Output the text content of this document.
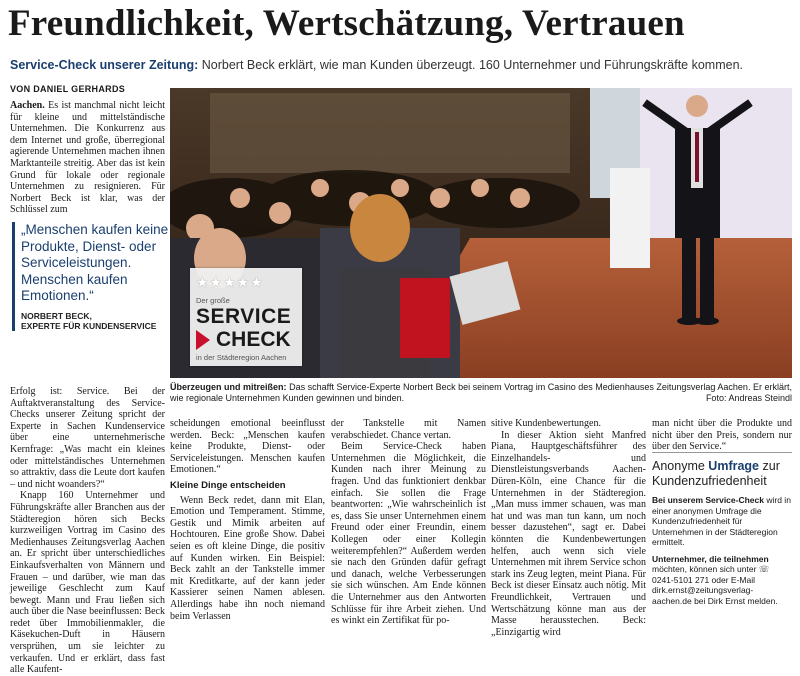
Freundlichkeit, Wertschätzung, Vertrauen
Service-Check unserer Zeitung: Norbert Beck erklärt, wie man Kunden überzeugt. 160 Unternehmer und Führungskräfte kommen.
VON DANIEL GERHARDS

Aachen. Es ist manchmal nicht leicht für kleine und mittelständische Unternehmen. Die Konkurrenz aus dem Internet und große, überregional agierende Unternehmen machen ihnen Marktanteile streitig. Aber das ist kein Grund für lokale oder regionale Unternehmen zu resignieren. Für Norbert Beck ist klar, was der Schlüssel zum

„Menschen kaufen keine Produkte, Dienst- oder Serviceleistungen. Menschen kaufen Emotionen.“
NORBERT BECK,
EXPERTE FÜR KUNDENSERVICE

Erfolg ist: Service. Bei der Auftaktveranstaltung des Service-Checks unserer Zeitung spricht der Experte in Sachen Kundenservice über eine unternehmerische Kernfrage: „Was macht ein kleines oder mittelständisches Unternehmen so attraktiv, dass die Leute dort kaufen – und nicht woanders?“

Knapp 160 Unternehmer und Führungskräfte aller Branchen aus der Städteregion hören sich Becks kurzweiligen Vortrag im Casino des Medienhauses Zeitungsverlag Aachen an. Er spricht über unterschiedliches Einkaufsverhalten von Männern und Frauen – und darüber, wie man das jeweilige Geschlecht zum Kauf bewegt. Mann und Frau ließen sich auch über die Nase beeinflussen: Beck redet über Immobilienmakler, die Käsekuchen-Duft in Häusern versprühen, um sie leichter zu verkaufen. Und er erklärt, dass fast alle Kaufent-

★★★★★
Der große
SERVICE
CHECK
in der Städteregion Aachen
Überzeugen und mitreißen: Das schafft Service-Experte Norbert Beck bei seinem Vortrag im Casino des Medienhauses Zeitungsverlag Aachen. Er erklärt, wie regionale Unternehmen Kunden gewinnen und binden.	Foto: Andreas Steindl

scheidungen emotional beeinflusst werden. Beck: „Menschen kaufen keine Produkte, Dienst- oder Serviceleistungen. Menschen kaufen Emotionen.“

Kleine Dinge entscheiden

Wenn Beck redet, dann mit Elan, Emotion und Temperament. Stimme, Gestik und Mimik arbeiten auf Hochtouren. Eine große Show. Dabei seien es oft kleine Dinge, die positiv auf Kunden wirken. Ein Beispiel: Beck zahlt an der Tankstelle immer mit Kreditkarte, auf der kann jeder Kassierer seinen Namen ablesen. Allerdings habe ihn noch niemand beim Verlassen

der Tankstelle mit Namen verabschiedet. Chance vertan.

Beim Service-Check haben Unternehmen die Möglichkeit, die Kunden nach ihrer Meinung zu fragen. Und das funktioniert denkbar einfach. Sie sollen die Frage beantworten: „Wie wahrscheinlich ist es, dass Sie unser Unternehmen einem Freund oder einer Freundin, einem Kollegen oder einer Kollegin weiterempfehlen?“ Außerdem werden sie nach den Gründen dafür gefragt und danach, welche Verbesserungen sie sich wünschen. Am Ende können die Unternehmer aus den Antworten Schlüsse für ihre Arbeit ziehen. Und es winkt ein Zertifikat für po-

sitive Kundenbewertungen.

In dieser Aktion sieht Manfred Piana, Hauptgeschäftsführer des Einzelhandels- und Dienstleistungsverbands Aachen-Düren-Köln, eine Chance für die Unternehmen in der Städteregion. „Man muss immer schauen, was man hat und was man tun kann, um noch besser dazustehen“, sagt er. Dabei könnten die Kundenbewertungen helfen, auch wenn sich viele Unternehmen mit ihrem Service schon stark ins Zeug legten, meint Piana. Für Beck ist dieser Einsatz auch nötig. Mit Freundlichkeit, Vertrauen und Wertschätzung könne man aus der Masse herausstechen. Beck: „Einzigartig wird

man nicht über die Produkte und nicht über den Preis, sondern nur über den Service.“

Anonyme Umfrage zur Kundenzufriedenheit
Bei unserem Service-Check wird in einer anonymen Umfrage die Kundenzufriedenheit für Unternehmen in der Städteregion ermittelt.
Unternehmer, die teilnehmen möchten, können sich unter ☏ 0241-5101 271 oder E-Mail dirk.ernst@zeitungsverlag-aachen.de bei Dirk Ernst melden.
